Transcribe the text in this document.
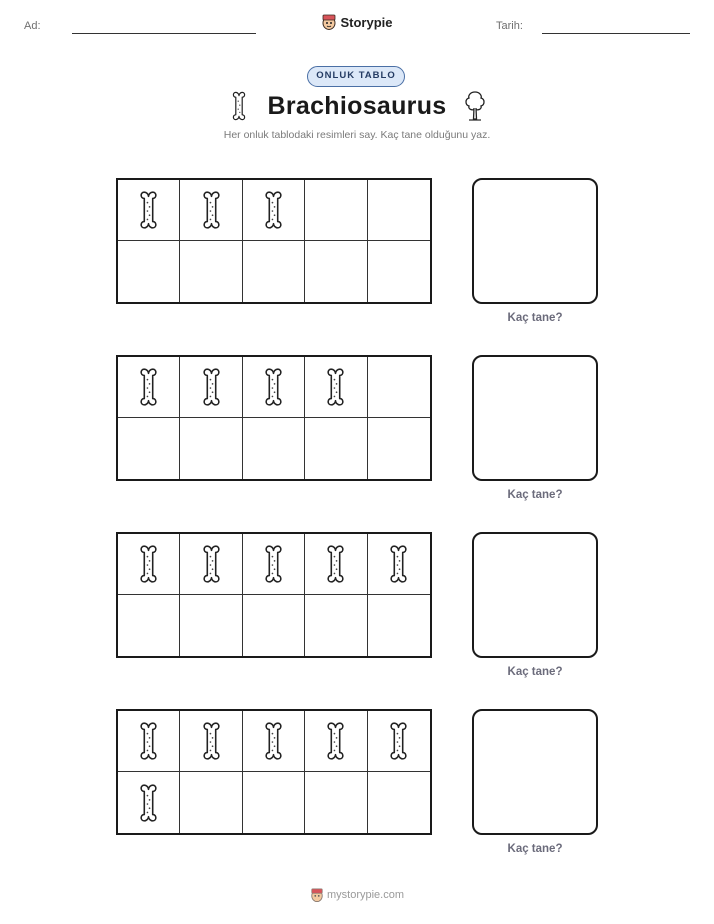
Ad:	Storypie	Tarih:
ONLUK TABLO
Brachiosaurus
Her onluk tablodaki resimleri say. Kaç tane olduğunu yaz.
Kaç tane?
Kaç tane?
Kaç tane?
Kaç tane?
mystorypie.com
